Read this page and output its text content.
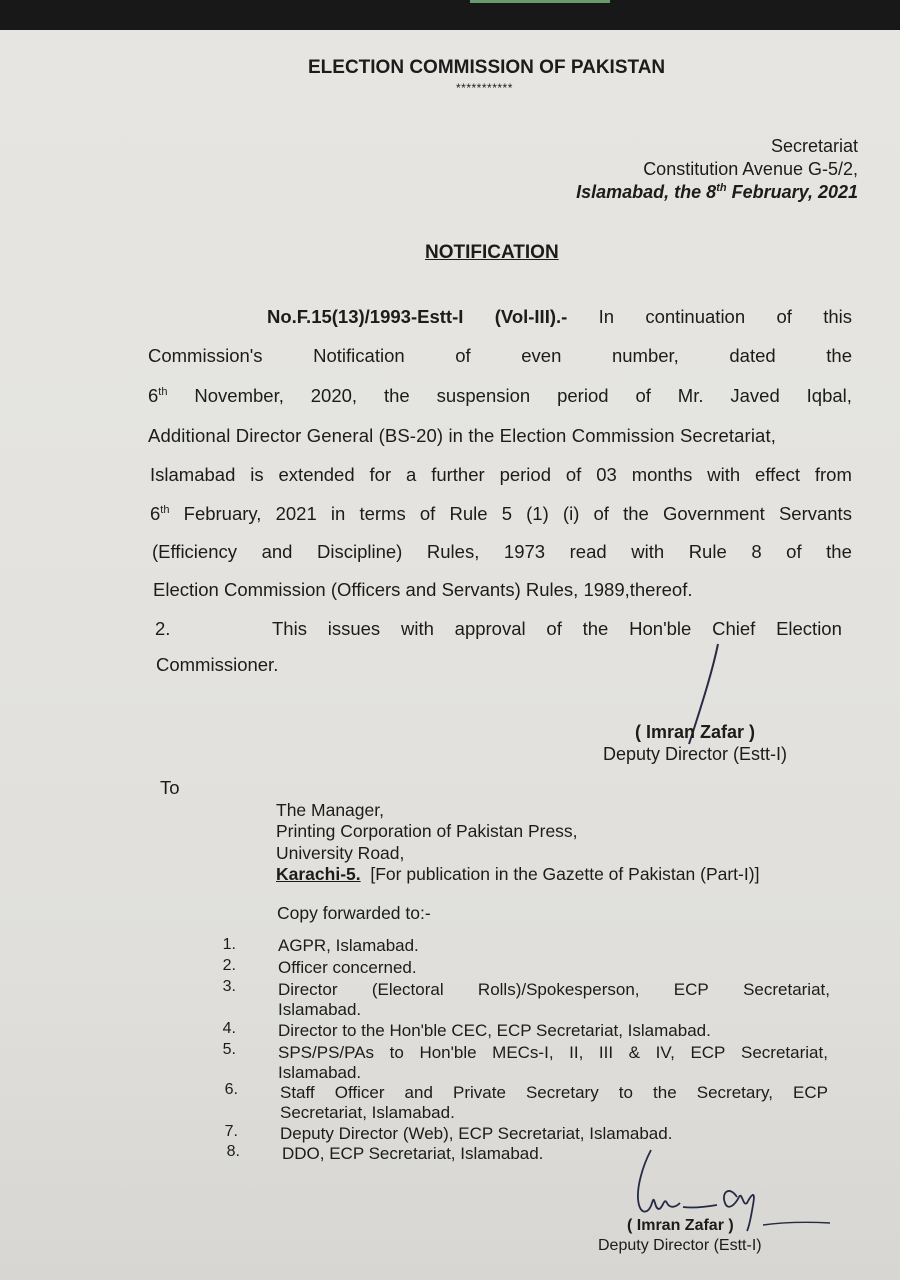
ELECTION COMMISSION OF PAKISTAN
***********
Secretariat
Constitution Avenue G-5/2,
Islamabad, the 8th February, 2021
NOTIFICATION
No.F.15(13)/1993-Estt-I (Vol-III).- In continuation of this
Commission's	Notification	of	even	number,	dated	the
6th November, 2020, the suspension period of Mr. Javed Iqbal,
Additional Director General (BS-20) in the Election Commission Secretariat,
Islamabad is extended for a further period of 03 months with effect from
6th February, 2021 in terms of Rule 5 (1) (i) of the Government Servants
(Efficiency and Discipline) Rules, 1973 read with Rule 8 of the
Election Commission (Officers and Servants) Rules, 1989,thereof.
2.	This issues with approval of the Hon'ble Chief Election
Commissioner.
( Imran Zafar )
Deputy Director (Estt-I)
To
The Manager,
Printing Corporation of Pakistan Press,
University Road,
Karachi-5. [For publication in the Gazette of Pakistan (Part-I)]
Copy forwarded to:-
1. AGPR, Islamabad.
2. Officer concerned.
3. Director (Electoral Rolls)/Spokesperson, ECP Secretariat,
Islamabad.
4. Director to the Hon'ble CEC, ECP Secretariat, Islamabad.
5. SPS/PS/PAs to Hon'ble MECs-I, II, III & IV, ECP Secretariat,
Islamabad.
6. Staff Officer and Private Secretary to the Secretary, ECP
Secretariat, Islamabad.
7. Deputy Director (Web), ECP Secretariat, Islamabad.
8. DDO, ECP Secretariat, Islamabad.
( Imran Zafar )
Deputy Director (Estt-I)
